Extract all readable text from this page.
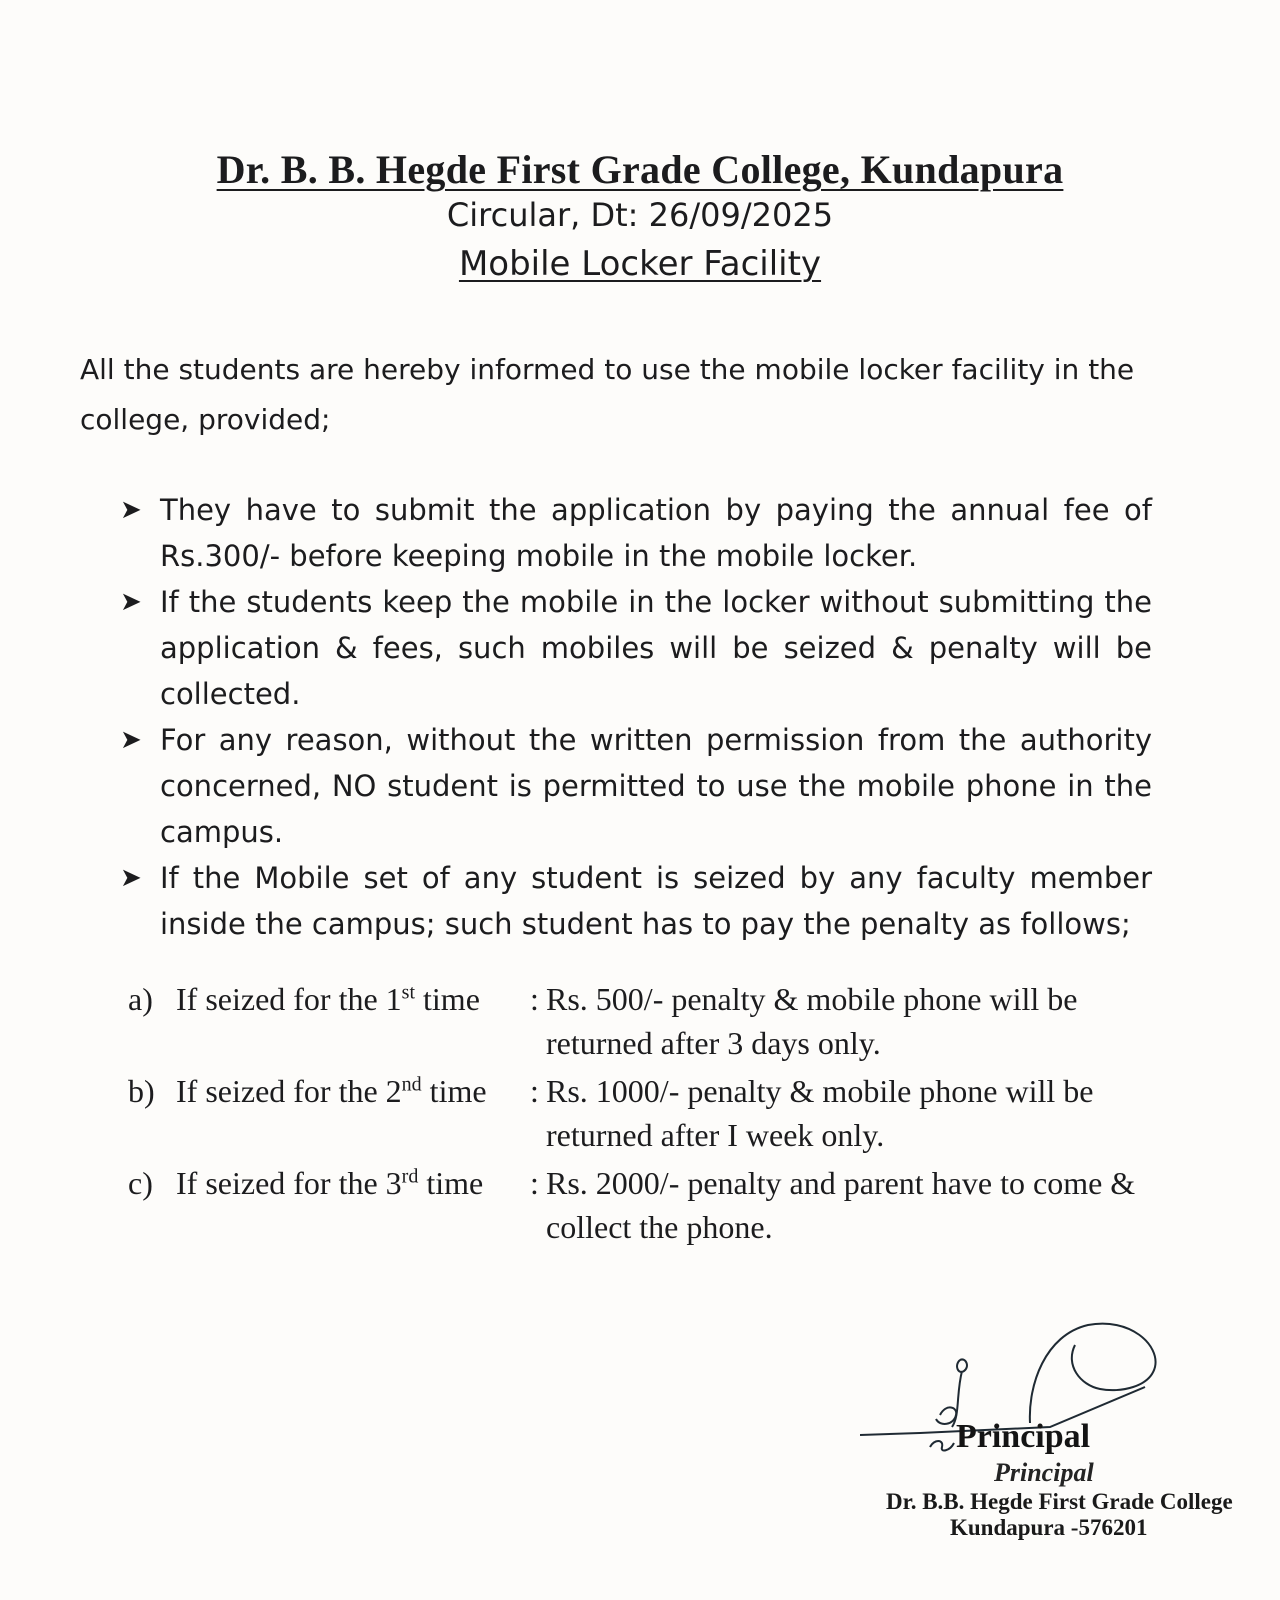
Dr. B. B. Hegde First Grade College, Kundapura
Circular, Dt: 26/09/2025
Mobile Locker Facility

All the students are hereby informed to use the mobile locker facility in the college, provided;

➤ They have to submit the application by paying the annual fee of Rs.300/- before keeping mobile in the mobile locker.
➤ If the students keep the mobile in the locker without submitting the application & fees, such mobiles will be seized & penalty will be collected.
➤ For any reason, without the written permission from the authority concerned, NO student is permitted to use the mobile phone in the campus.
➤ If the Mobile set of any student is seized by any faculty member inside the campus; such student has to pay the penalty as follows;
a) If seized for the 1st time : Rs. 500/- penalty & mobile phone will be returned after 3 days only.
b) If seized for the 2nd time : Rs. 1000/- penalty & mobile phone will be returned after I week only.
c) If seized for the 3rd time : Rs. 2000/- penalty and parent have to come & collect the phone.
Principal
Principal
Dr. B.B. Hegde First Grade College
Kundapura -576201
